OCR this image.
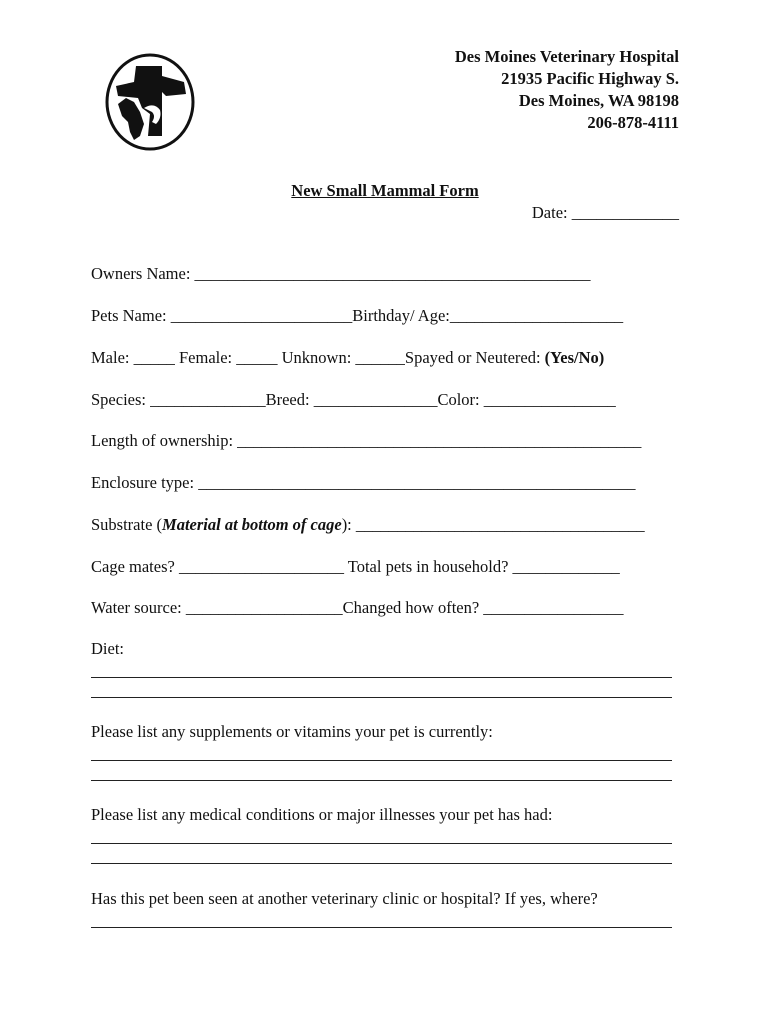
Des Moines Veterinary Hospital
21935 Pacific Highway S.
Des Moines, WA 98198
206-878-4111
New Small Mammal Form
Date: _____________
Owners Name: ________________________________________________
Pets Name: ______________________Birthday/ Age:_____________________
Male: _____ Female: _____ Unknown: ______Spayed or Neutered: (Yes/No)
Species: ______________Breed: _______________Color: ________________
Length of ownership: _________________________________________________
Enclosure type: _____________________________________________________
Substrate (Material at bottom of cage): ___________________________________
Cage mates? ____________________ Total pets in household? _____________
Water source: ___________________Changed how often? _________________
Diet:
Please list any supplements or vitamins your pet is currently:
Please list any medical conditions or major illnesses your pet has had:
Has this pet been seen at another veterinary clinic or hospital? If yes, where?
